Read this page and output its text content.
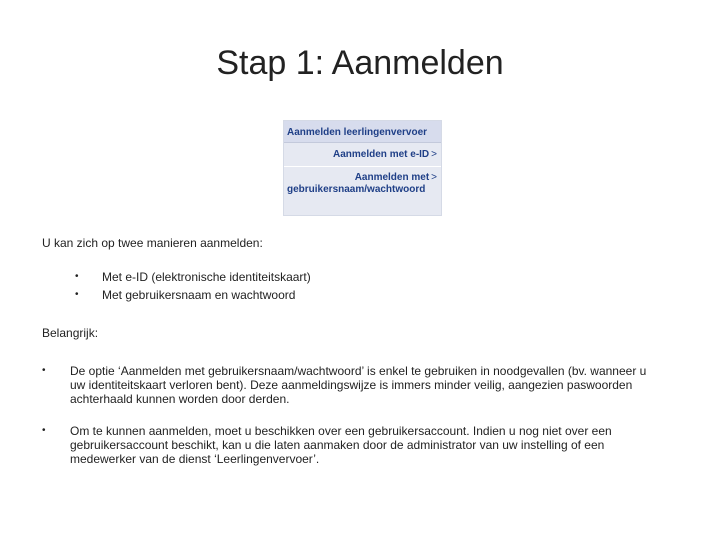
Stap 1: Aanmelden
Aanmelden leerlingenvervoer
Aanmelden met e-ID >
Aanmelden met >
gebruikersnaam/wachtwoord
U kan zich op twee manieren aanmelden:
• Met e-ID (elektronische identiteitskaart)
• Met gebruikersnaam en wachtwoord
Belangrijk:
• De optie ‘Aanmelden met gebruikersnaam/wachtwoord’ is enkel te gebruiken in noodgevallen (bv. wanneer u uw identiteitskaart verloren bent). Deze aanmeldingswijze is immers minder veilig, aangezien paswoorden achterhaald kunnen worden door derden.
• Om te kunnen aanmelden, moet u beschikken over een gebruikersaccount. Indien u nog niet over een gebruikersaccount beschikt, kan u die laten aanmaken door de administrator van uw instelling of een medewerker van de dienst ‘Leerlingenvervoer’.
